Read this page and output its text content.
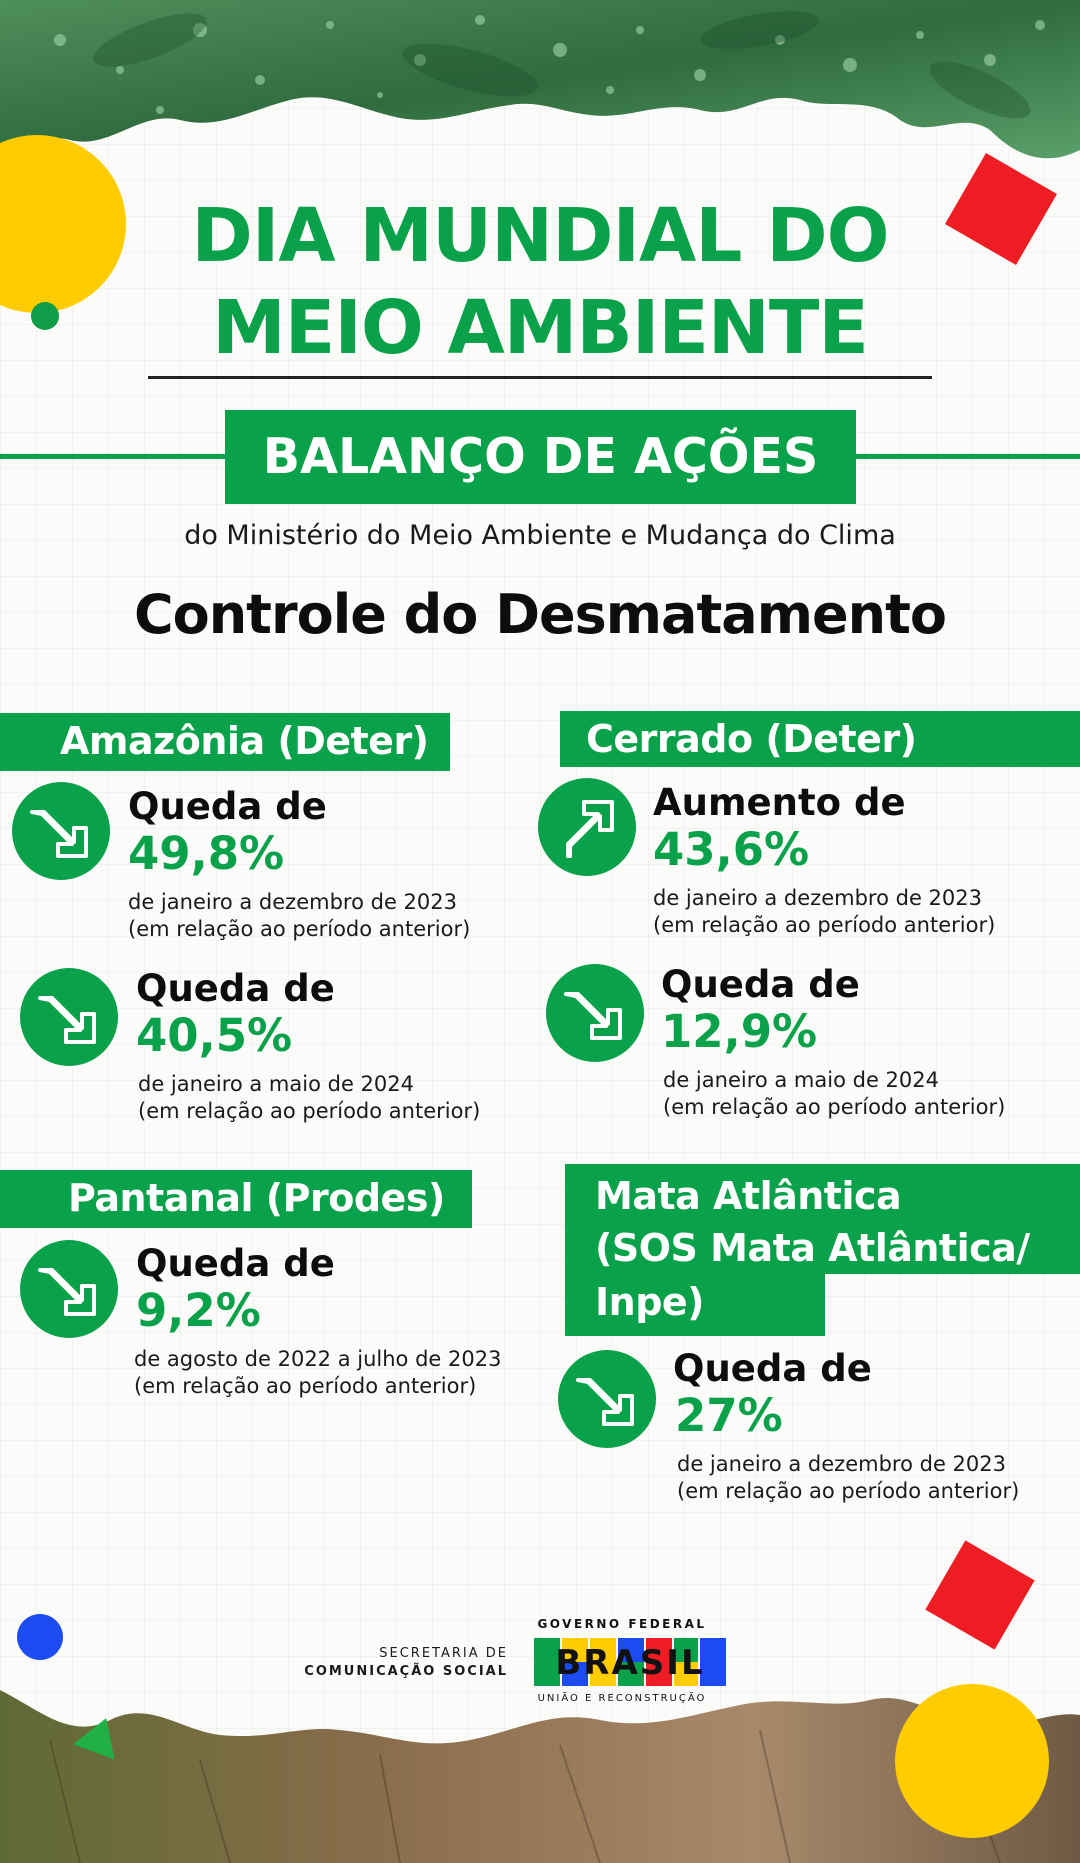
DIA MUNDIAL DO
MEIO AMBIENTE
BALANÇO DE AÇÕES
do Ministério do Meio Ambiente e Mudança do Clima
Controle do Desmatamento
Amazônia (Deter)	Cerrado (Deter)
Pantanal (Prodes)	Mata Atlântica
(SOS Mata Atlântica/
Inpe)
Queda de
49,8%
de janeiro a dezembro de 2023
(em relação ao período anterior)
Queda de
40,5%
de janeiro a maio de 2024
(em relação ao período anterior)
Aumento de
43,6%
de janeiro a dezembro de 2023
(em relação ao período anterior)
Queda de
12,9%
de janeiro a maio de 2024
(em relação ao período anterior)
Queda de
9,2%
de agosto de 2022 a julho de 2023
(em relação ao período anterior)	Queda de
27%
de janeiro a dezembro de 2023
(em relação ao período anterior)
SECRETARIA DE
COMUNICAÇÃO SOCIAL
GOVERNO FEDERAL
BRASIL
UNIÃO E RECONSTRUÇÃO
